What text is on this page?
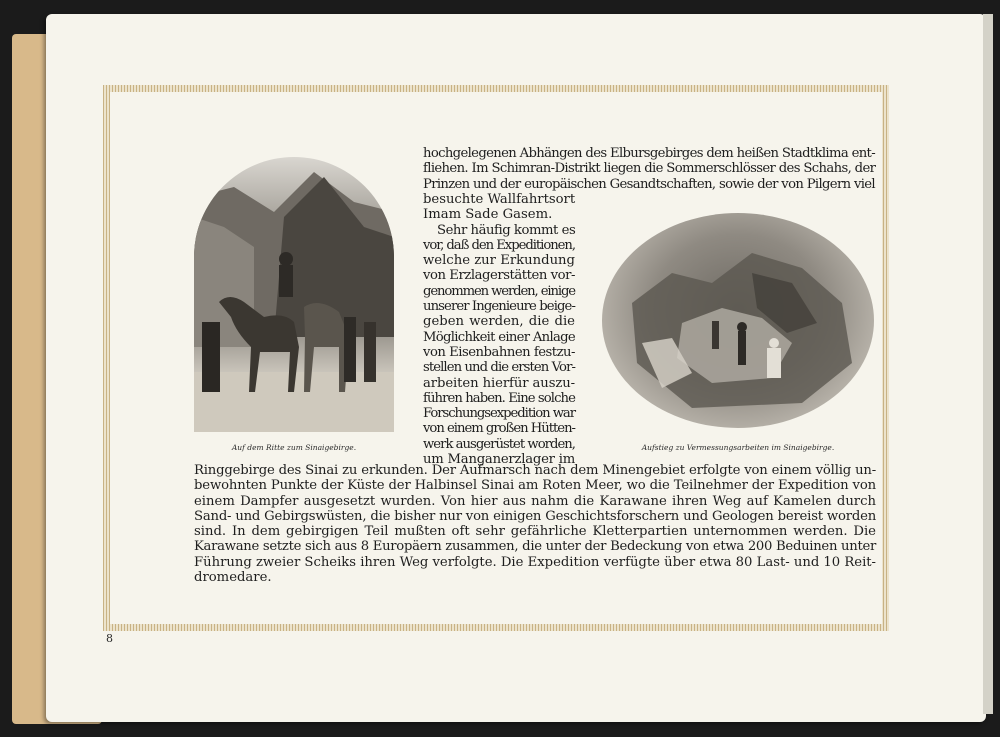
Auf dem Ritte zum Sinaigebirge.	Aufstieg zu Vermessungsarbeiten im Sinaigebirge.
hochgelegenen Abhängen des Elbursgebirges dem heißen Stadtklima ent-
fliehen. Im Schimran-Distrikt liegen die Sommerschlösser des Schahs, der
Prinzen und der europäischen Gesandtschaften, sowie der von Pilgern viel
besuchte Wallfahrtsort
Imam Sade Gasem.
Sehr häufig kommt es
vor, daß den Expeditionen,
welche zur Erkundung
von Erzlagerstätten vor-
genommen werden, einige
unserer Ingenieure beige-
geben werden, die die
Möglichkeit einer Anlage
von Eisenbahnen festzu-
stellen und die ersten Vor-
arbeiten hierfür auszu-
führen haben. Eine solche
Forschungsexpedition war
von einem großen Hütten-
werk ausgerüstet worden,
um Manganerzlager im
Ringgebirge des Sinai zu erkunden. Der Aufmarsch nach dem Minengebiet erfolgte von einem völlig un-
bewohnten Punkte der Küste der Halbinsel Sinai am Roten Meer, wo die Teilnehmer der Expedition von
einem Dampfer ausgesetzt wurden. Von hier aus nahm die Karawane ihren Weg auf Kamelen durch
Sand- und Gebirgswüsten, die bisher nur von einigen Geschichtsforschern und Geologen bereist worden
sind. In dem gebirgigen Teil mußten oft sehr gefährliche Kletterpartien unternommen werden. Die
Karawane setzte sich aus 8 Europäern zusammen, die unter der Bedeckung von etwa 200 Beduinen unter
Führung zweier Scheiks ihren Weg verfolgte. Die Expedition verfügte über etwa 80 Last- und 10 Reit-
dromedare.
8
